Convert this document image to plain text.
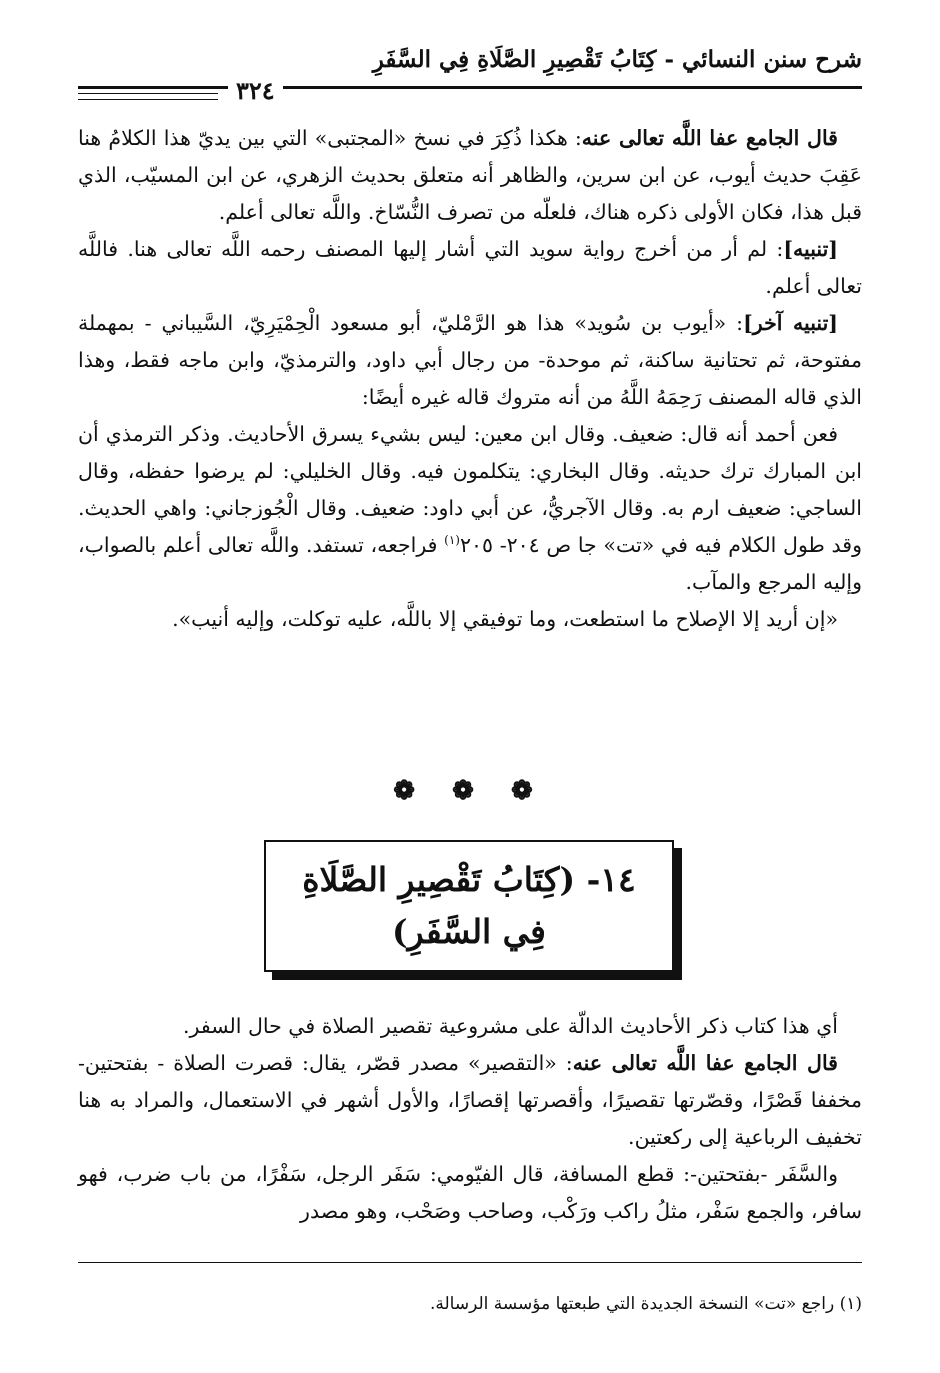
شرح سنن النسائي - كِتَابُ تَقْصِيرِ الصَّلَاةِ فِي السَّفَرِ
٣٢٤

قال الجامع عفا اللَّه تعالى عنه: هكذا ذُكِرَ في نسخ «المجتبى» التي بين يديّ هذا الكلامُ هنا عَقِبَ حديث أيوب، عن ابن سرين، والظاهر أنه متعلق بحديث الزهري، عن ابن المسيّب، الذي قبل هذا، فكان الأولى ذكره هناك، فلعلّه من تصرف النُّسّاخ. واللَّه تعالى أعلم.

[تنبيه]: لم أر من أخرج رواية سويد التي أشار إليها المصنف رحمه اللَّه تعالى هنا. فاللَّه تعالى أعلم.

[تنبيه آخر]: «أيوب بن سُويد» هذا هو الرَّمْليّ، أبو مسعود الْحِمْيَرِيّ، السَّيباني - بمهملة مفتوحة، ثم تحتانية ساكنة، ثم موحدة- من رجال أبي داود، والترمذيّ، وابن ماجه فقط، وهذا الذي قاله المصنف رَحِمَهُ اللَّهُ من أنه متروك قاله غيره أيضًا:

فعن أحمد أنه قال: ضعيف. وقال ابن معين: ليس بشيء يسرق الأحاديث. وذكر الترمذي أن ابن المبارك ترك حديثه. وقال البخاري: يتكلمون فيه. وقال الخليلي: لم يرضوا حفظه، وقال الساجي: ضعيف ارم به. وقال الآجريُّ، عن أبي داود: ضعيف. وقال الْجُوزجاني: واهي الحديث. وقد طول الكلام فيه في «تت» جا ص ٢٠٤- ٢٠٥$^{(١)}$ فراجعه، تستفد. واللَّه تعالى أعلم بالصواب، وإليه المرجع والمآب.

«إن أريد إلا الإصلاح ما استطعت، وما توفيقي إلا باللَّه، عليه توكلت، وإليه أنيب».

❁ ❁ ❁
١٤- (كِتَابُ تَقْصِيرِ الصَّلَاةِ فِي السَّفَرِ)

أي هذا كتاب ذكر الأحاديث الدالّة على مشروعية تقصير الصلاة في حال السفر.

قال الجامع عفا اللَّه تعالى عنه: «التقصير» مصدر قصّر، يقال: قصرت الصلاة - بفتحتين- مخففا قَصْرًا، وقصّرتها تقصيرًا، وأقصرتها إقصارًا، والأول أشهر في الاستعمال، والمراد به هنا تخفيف الرباعية إلى ركعتين.

والسَّفَر -بفتحتين-: قطع المسافة، قال الفيّومي: سَفَر الرجل، سَفْرًا، من باب ضرب، فهو سافر، والجمع سَفْر، مثلُ راكب ورَكْب، وصاحب وصَحْب، وهو مصدر

(١) راجع «تت» النسخة الجديدة التي طبعتها مؤسسة الرسالة.
